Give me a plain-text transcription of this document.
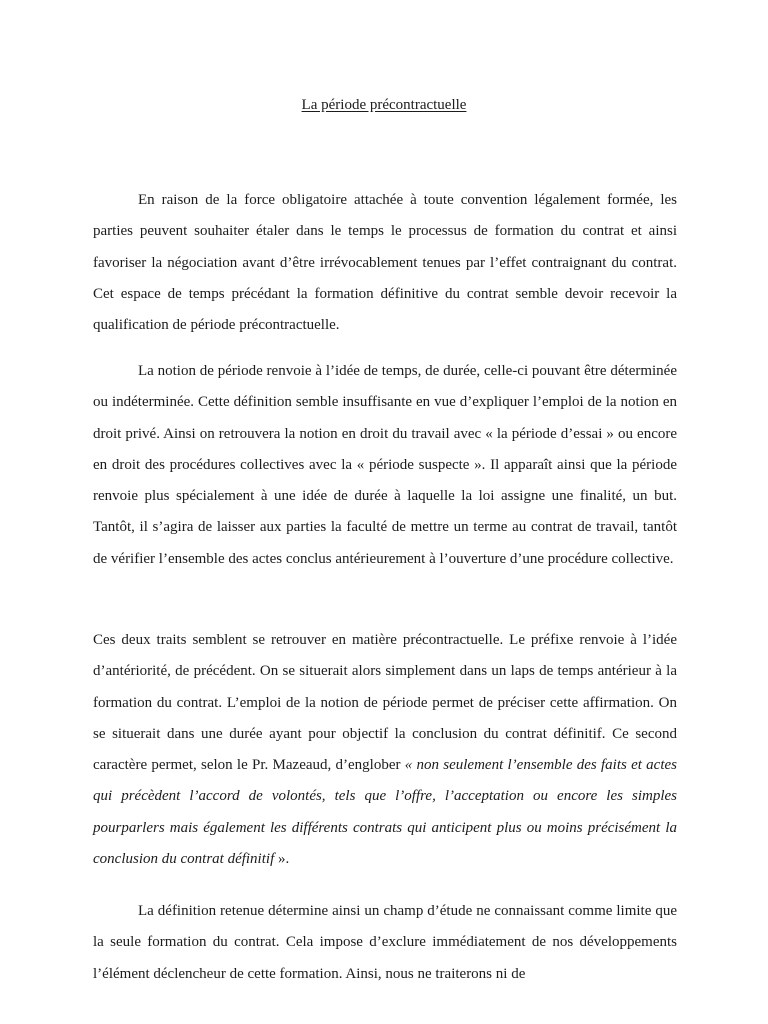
La période précontractuelle

En raison de la force obligatoire attachée à toute convention légalement formée, les parties peuvent souhaiter étaler dans le temps le processus de formation du contrat et ainsi favoriser la négociation avant d’être irrévocablement tenues par l’effet contraignant du contrat. Cet espace de temps précédant la formation définitive du contrat semble devoir recevoir la qualification de période précontractuelle.

La notion de période renvoie à l’idée de temps, de durée, celle-ci pouvant être déterminée ou indéterminée. Cette définition semble insuffisante en vue d’expliquer l’emploi de la notion en droit privé. Ainsi on retrouvera la notion en droit du travail avec « la période d’essai » ou encore en droit des procédures collectives avec la « période suspecte ». Il apparaît ainsi que la période renvoie plus spécialement à une idée de durée à laquelle la loi assigne une finalité, un but. Tantôt, il s’agira de laisser aux parties la faculté de mettre un terme au contrat de travail, tantôt de vérifier l’ensemble des actes conclus antérieurement à l’ouverture d’une procédure collective.

Ces deux traits semblent se retrouver en matière précontractuelle. Le préfixe renvoie à l’idée d’antériorité, de précédent. On se situerait alors simplement dans un laps de temps antérieur à la formation du contrat. L’emploi de la notion de période permet de préciser cette affirmation. On se situerait dans une durée ayant pour objectif la conclusion du contrat définitif. Ce second caractère permet, selon le Pr. Mazeaud, d’englober « non seulement l’ensemble des faits et actes qui précèdent l’accord de volontés, tels que l’offre, l’acceptation ou encore les simples pourparlers mais également les différents contrats qui anticipent plus ou moins précisément la conclusion du contrat définitif ».

La définition retenue détermine ainsi un champ d’étude ne connaissant comme limite que la seule formation du contrat. Cela impose d’exclure immédiatement de nos développements l’élément déclencheur de cette formation. Ainsi, nous ne traiterons ni de
